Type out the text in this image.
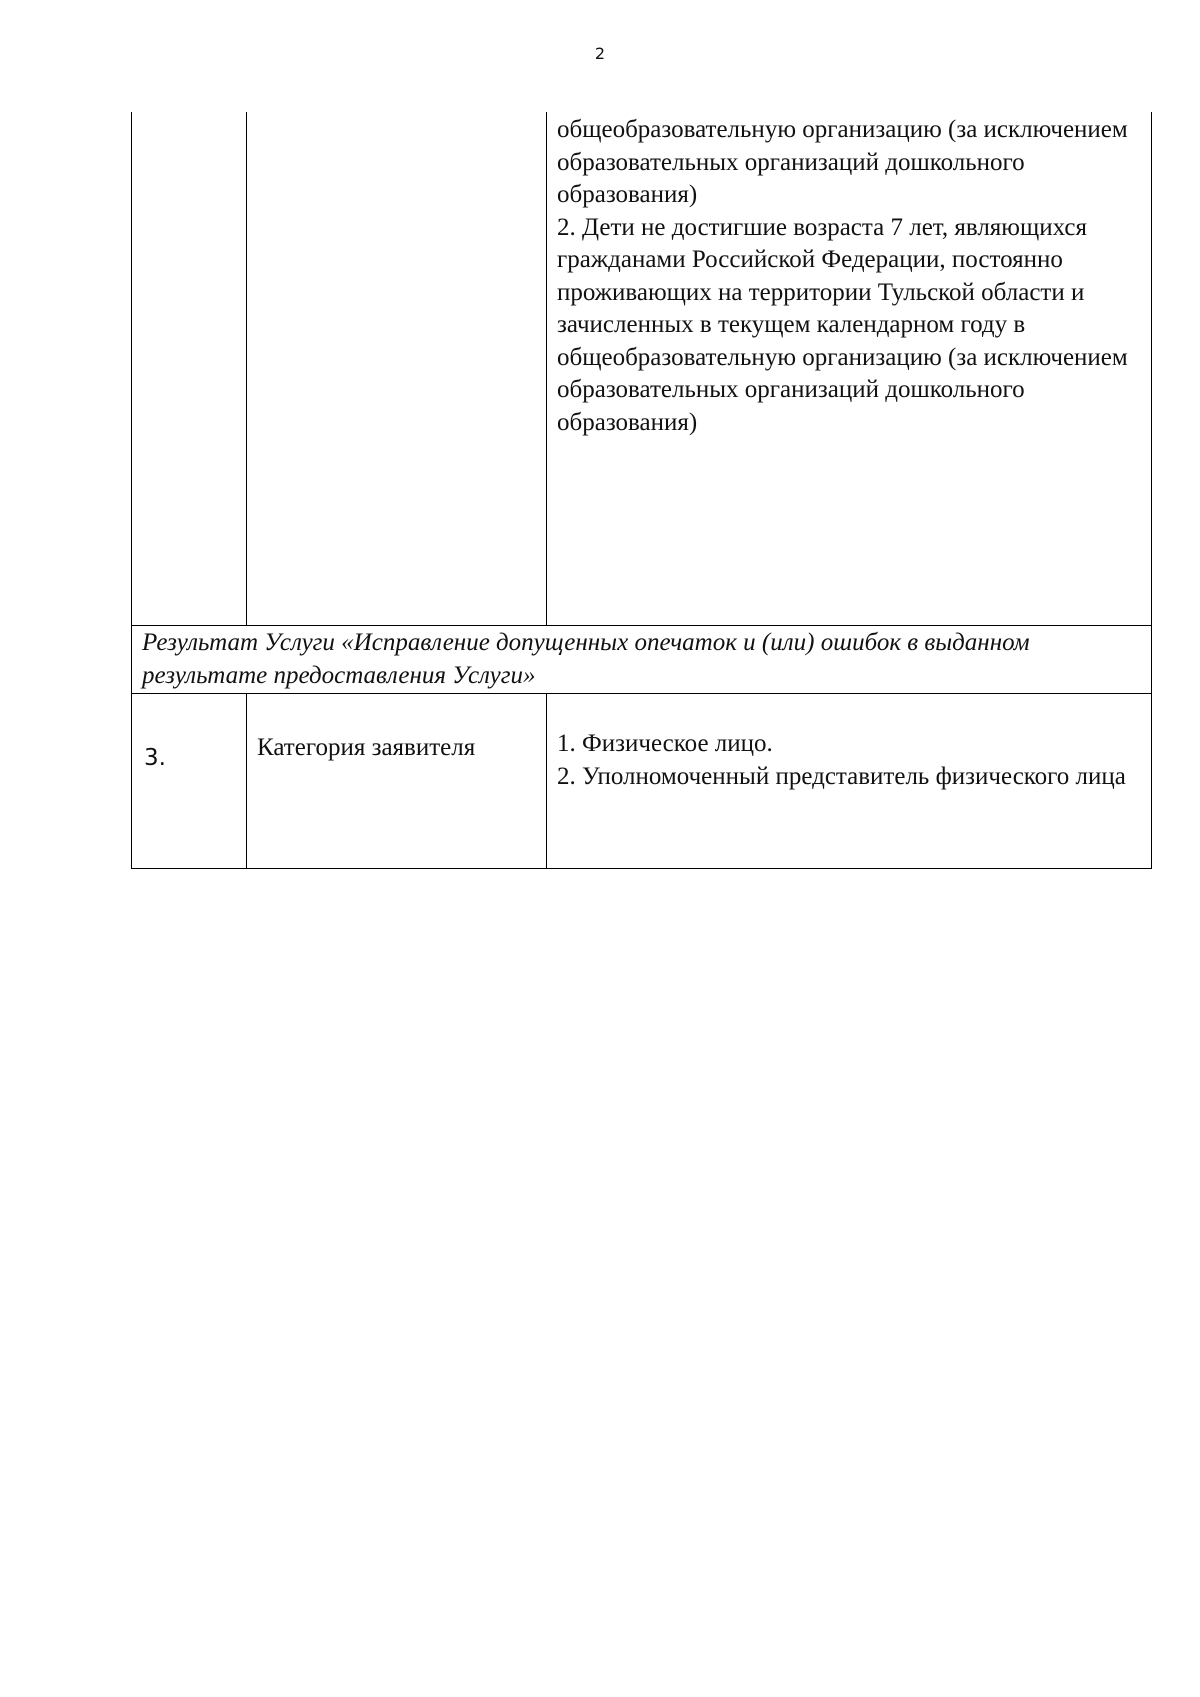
2

		общеобразовательную организацию (за исключением образовательных организаций дошкольного образования)
2. Дети не достигшие возраста 7 лет, являющихся гражданами Российской Федерации, постоянно проживающих на территории Тульской области и зачисленных в текущем календарном году в общеобразовательную организацию (за исключением образовательных организаций дошкольного образования)

Результат Услуги «Исправление допущенных опечаток и (или) ошибок в выданном результате предоставления Услуги»		
3.	Категория заявителя	1. Физическое лицо.
2. Уполномоченный представитель физического лица
